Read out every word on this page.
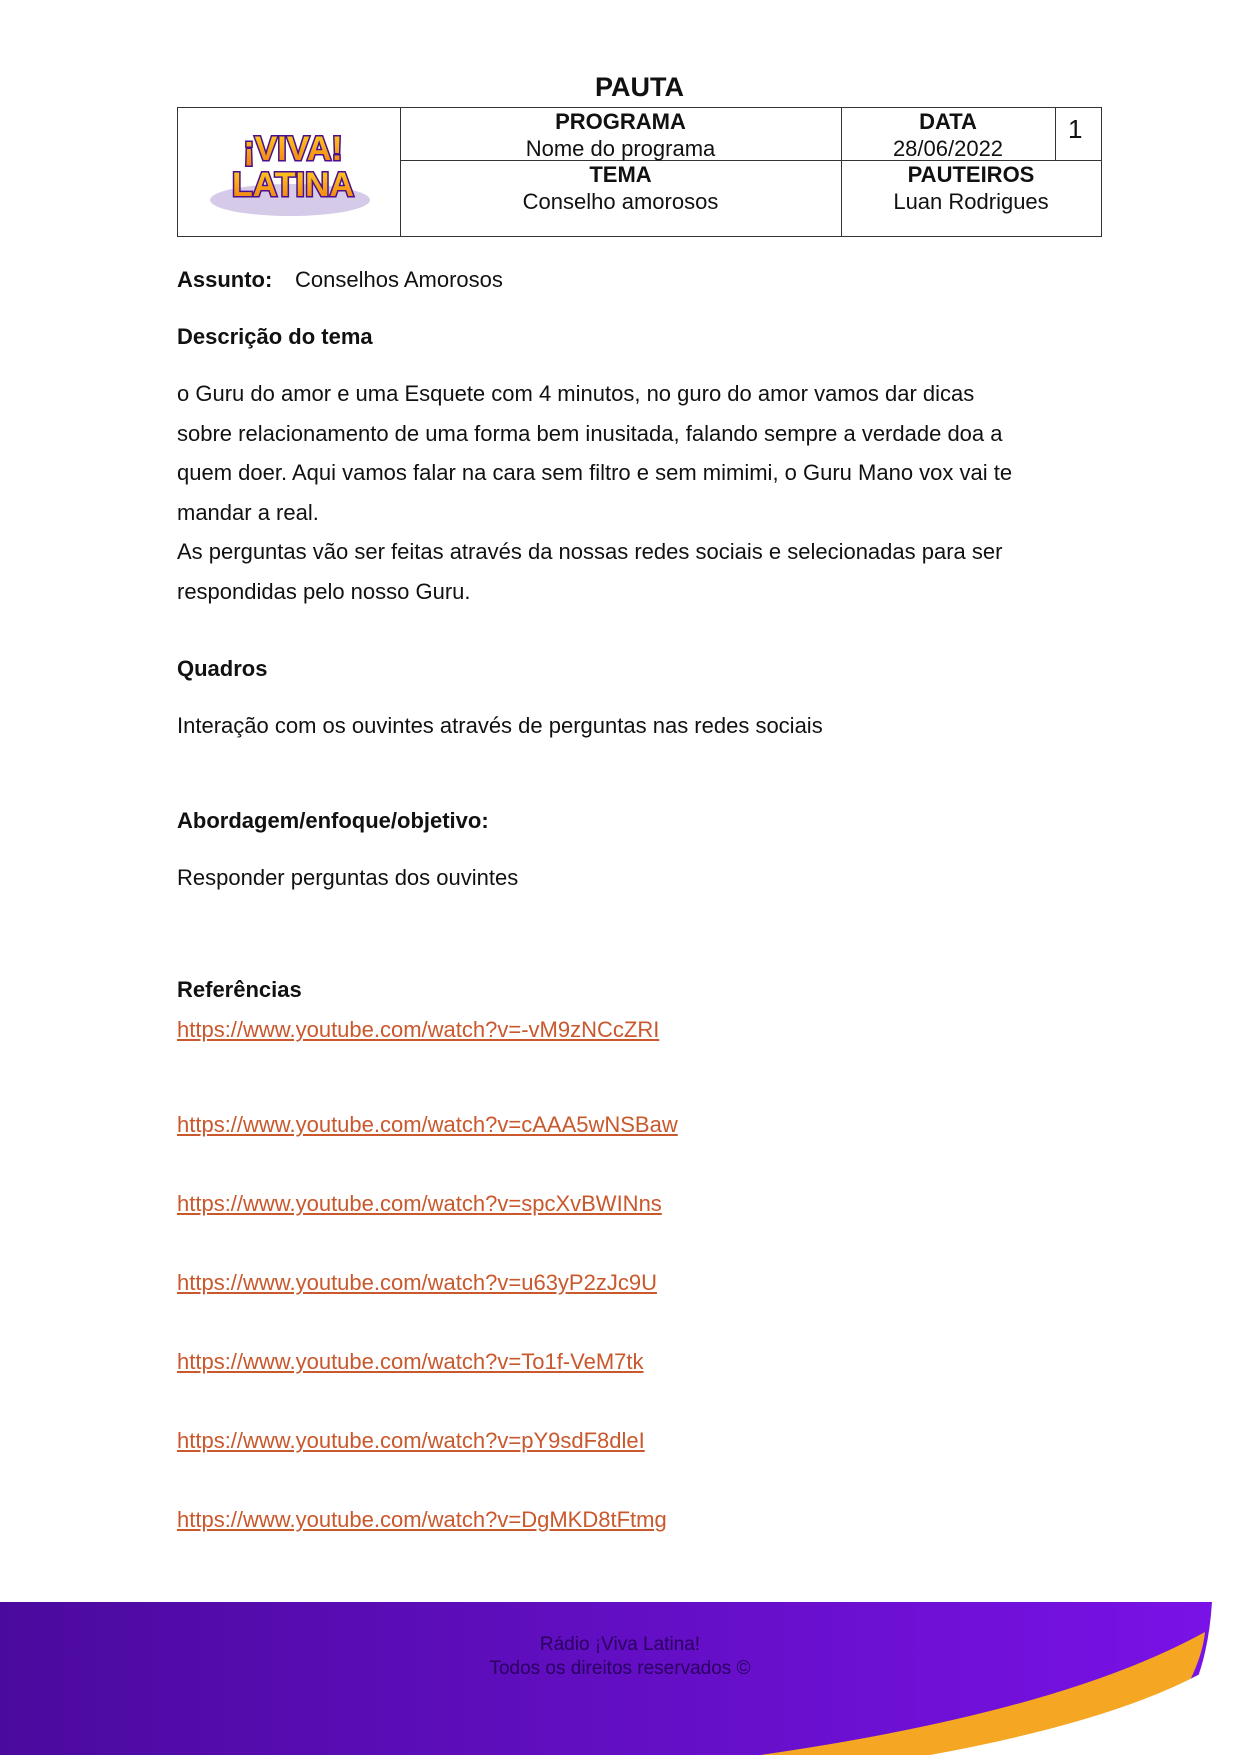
PAUTA
¡VIVA!
LATINA
PROGRAMA
Nome do programa
TEMA
Conselho amorosos
DATA
28/06/2022
1
PAUTEIROS
Luan Rodrigues
Assunto: Conselhos Amorosos
Descrição do tema
o Guru do amor e uma Esquete com 4 minutos, no guro do amor vamos dar dicas
sobre relacionamento de uma forma bem inusitada, falando sempre a verdade doa a
quem doer. Aqui vamos falar na cara sem filtro e sem mimimi, o Guru Mano vox vai te
mandar a real.
As perguntas vão ser feitas através da nossas redes sociais e selecionadas para ser
respondidas pelo nosso Guru.
Quadros
Interação com os ouvintes através de perguntas nas redes sociais
Abordagem/enfoque/objetivo:
Responder perguntas dos ouvintes
Referências
https://www.youtube.com/watch?v=-vM9zNCcZRI
https://www.youtube.com/watch?v=cAAA5wNSBaw
https://www.youtube.com/watch?v=spcXvBWINns
https://www.youtube.com/watch?v=u63yP2zJc9U
https://www.youtube.com/watch?v=To1f-VeM7tk
https://www.youtube.com/watch?v=pY9sdF8dleI
https://www.youtube.com/watch?v=DgMKD8tFtmg
Rádio ¡Viva Latina!
Todos os direitos reservados ©
